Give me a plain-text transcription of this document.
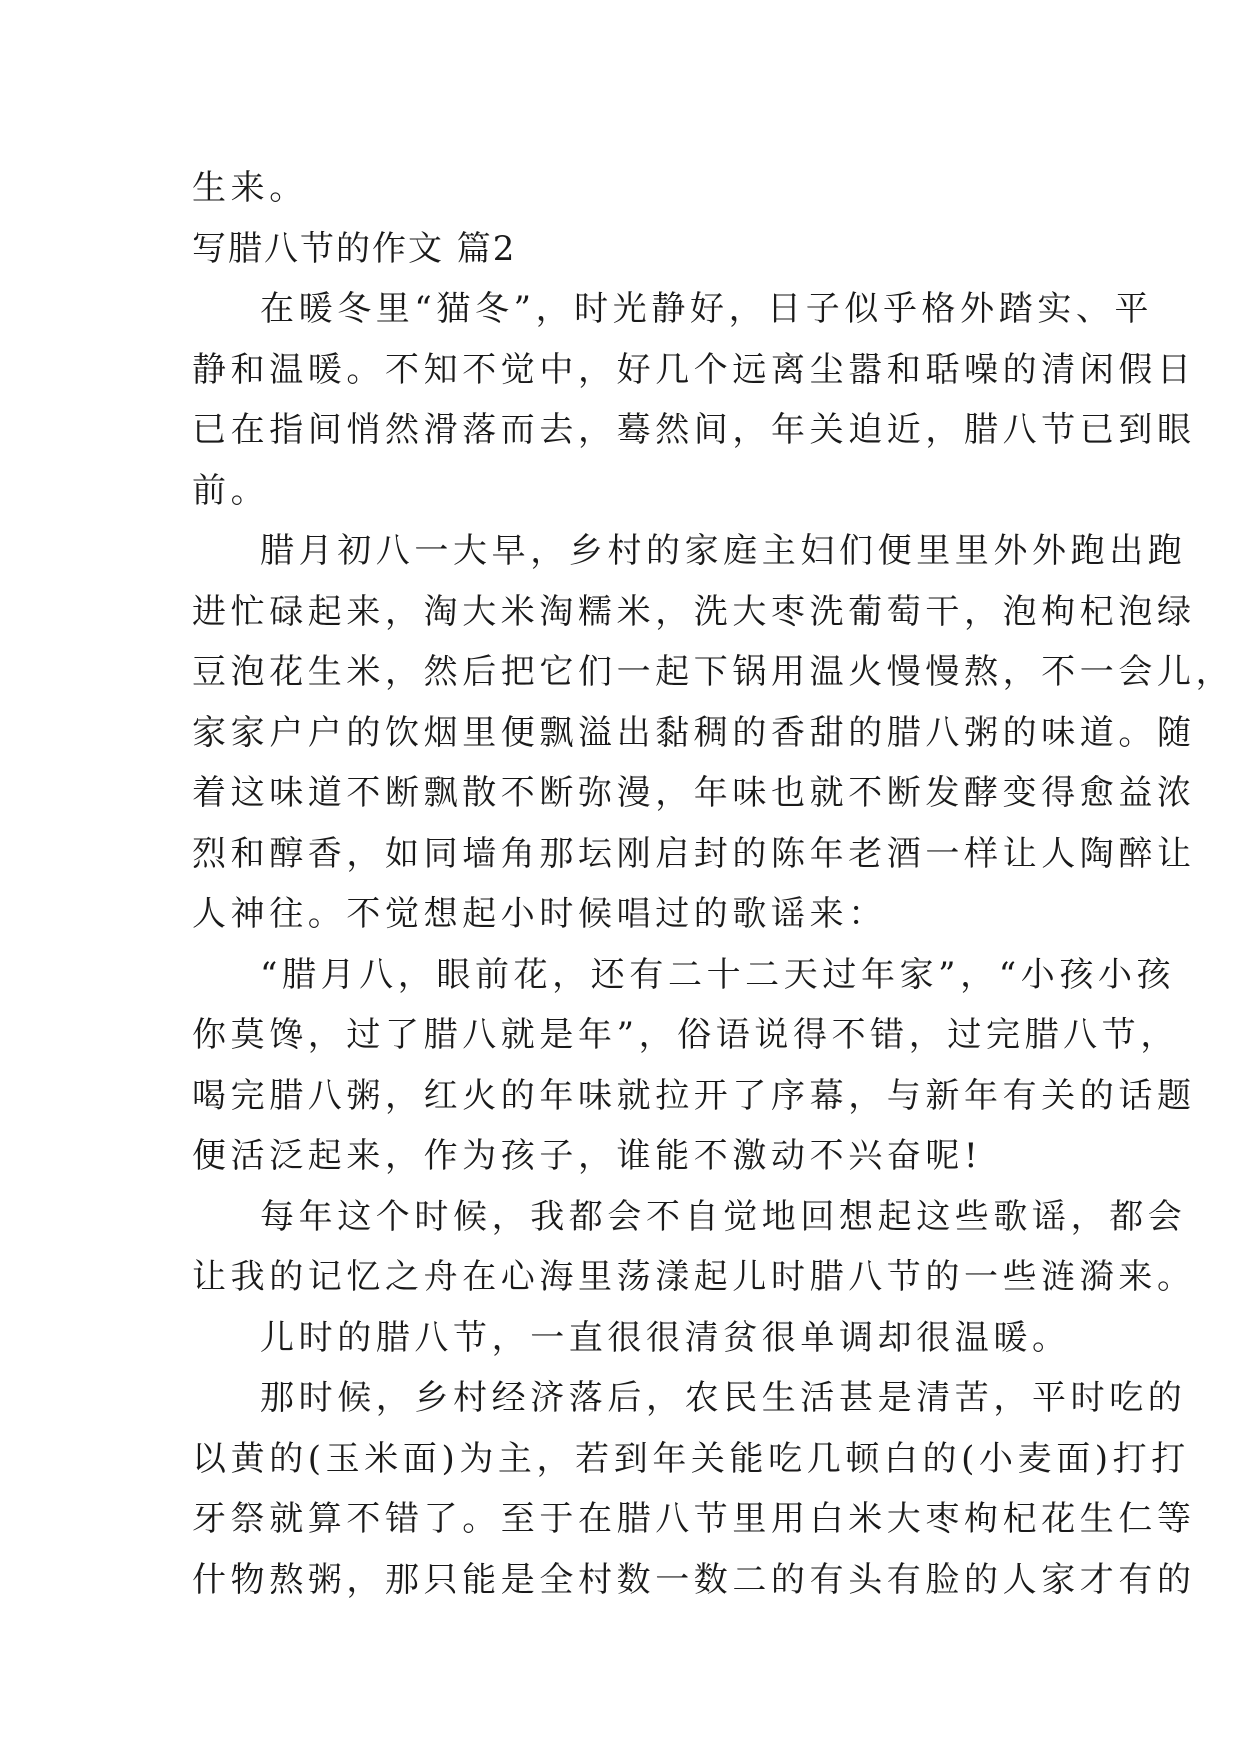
生来。
写腊八节的作文 篇2
在暖冬里“猫冬”，时光静好，日子似乎格外踏实、平
静和温暖。不知不觉中，好几个远离尘嚣和聒噪的清闲假日
已在指间悄然滑落而去，蓦然间，年关迫近，腊八节已到眼
前。
腊月初八一大早，乡村的家庭主妇们便里里外外跑出跑
进忙碌起来，淘大米淘糯米，洗大枣洗葡萄干，泡枸杞泡绿
豆泡花生米，然后把它们一起下锅用温火慢慢熬，不一会儿，
家家户户的饮烟里便飘溢出黏稠的香甜的腊八粥的味道。随
着这味道不断飘散不断弥漫，年味也就不断发酵变得愈益浓
烈和醇香，如同墙角那坛刚启封的陈年老酒一样让人陶醉让
人神往。不觉想起小时候唱过的歌谣来：
“腊月八，眼前花，还有二十二天过年家”，“小孩小孩
你莫馋，过了腊八就是年”，俗语说得不错，过完腊八节，
喝完腊八粥，红火的年味就拉开了序幕，与新年有关的话题
便活泛起来，作为孩子，谁能不激动不兴奋呢!
每年这个时候，我都会不自觉地回想起这些歌谣，都会
让我的记忆之舟在心海里荡漾起儿时腊八节的一些涟漪来。
儿时的腊八节，一直很很清贫很单调却很温暖。
那时候，乡村经济落后，农民生活甚是清苦，平时吃的
以黄的(玉米面)为主，若到年关能吃几顿白的(小麦面)打打
牙祭就算不错了。至于在腊八节里用白米大枣枸杞花生仁等
什物熬粥，那只能是全村数一数二的有头有脸的人家才有的
